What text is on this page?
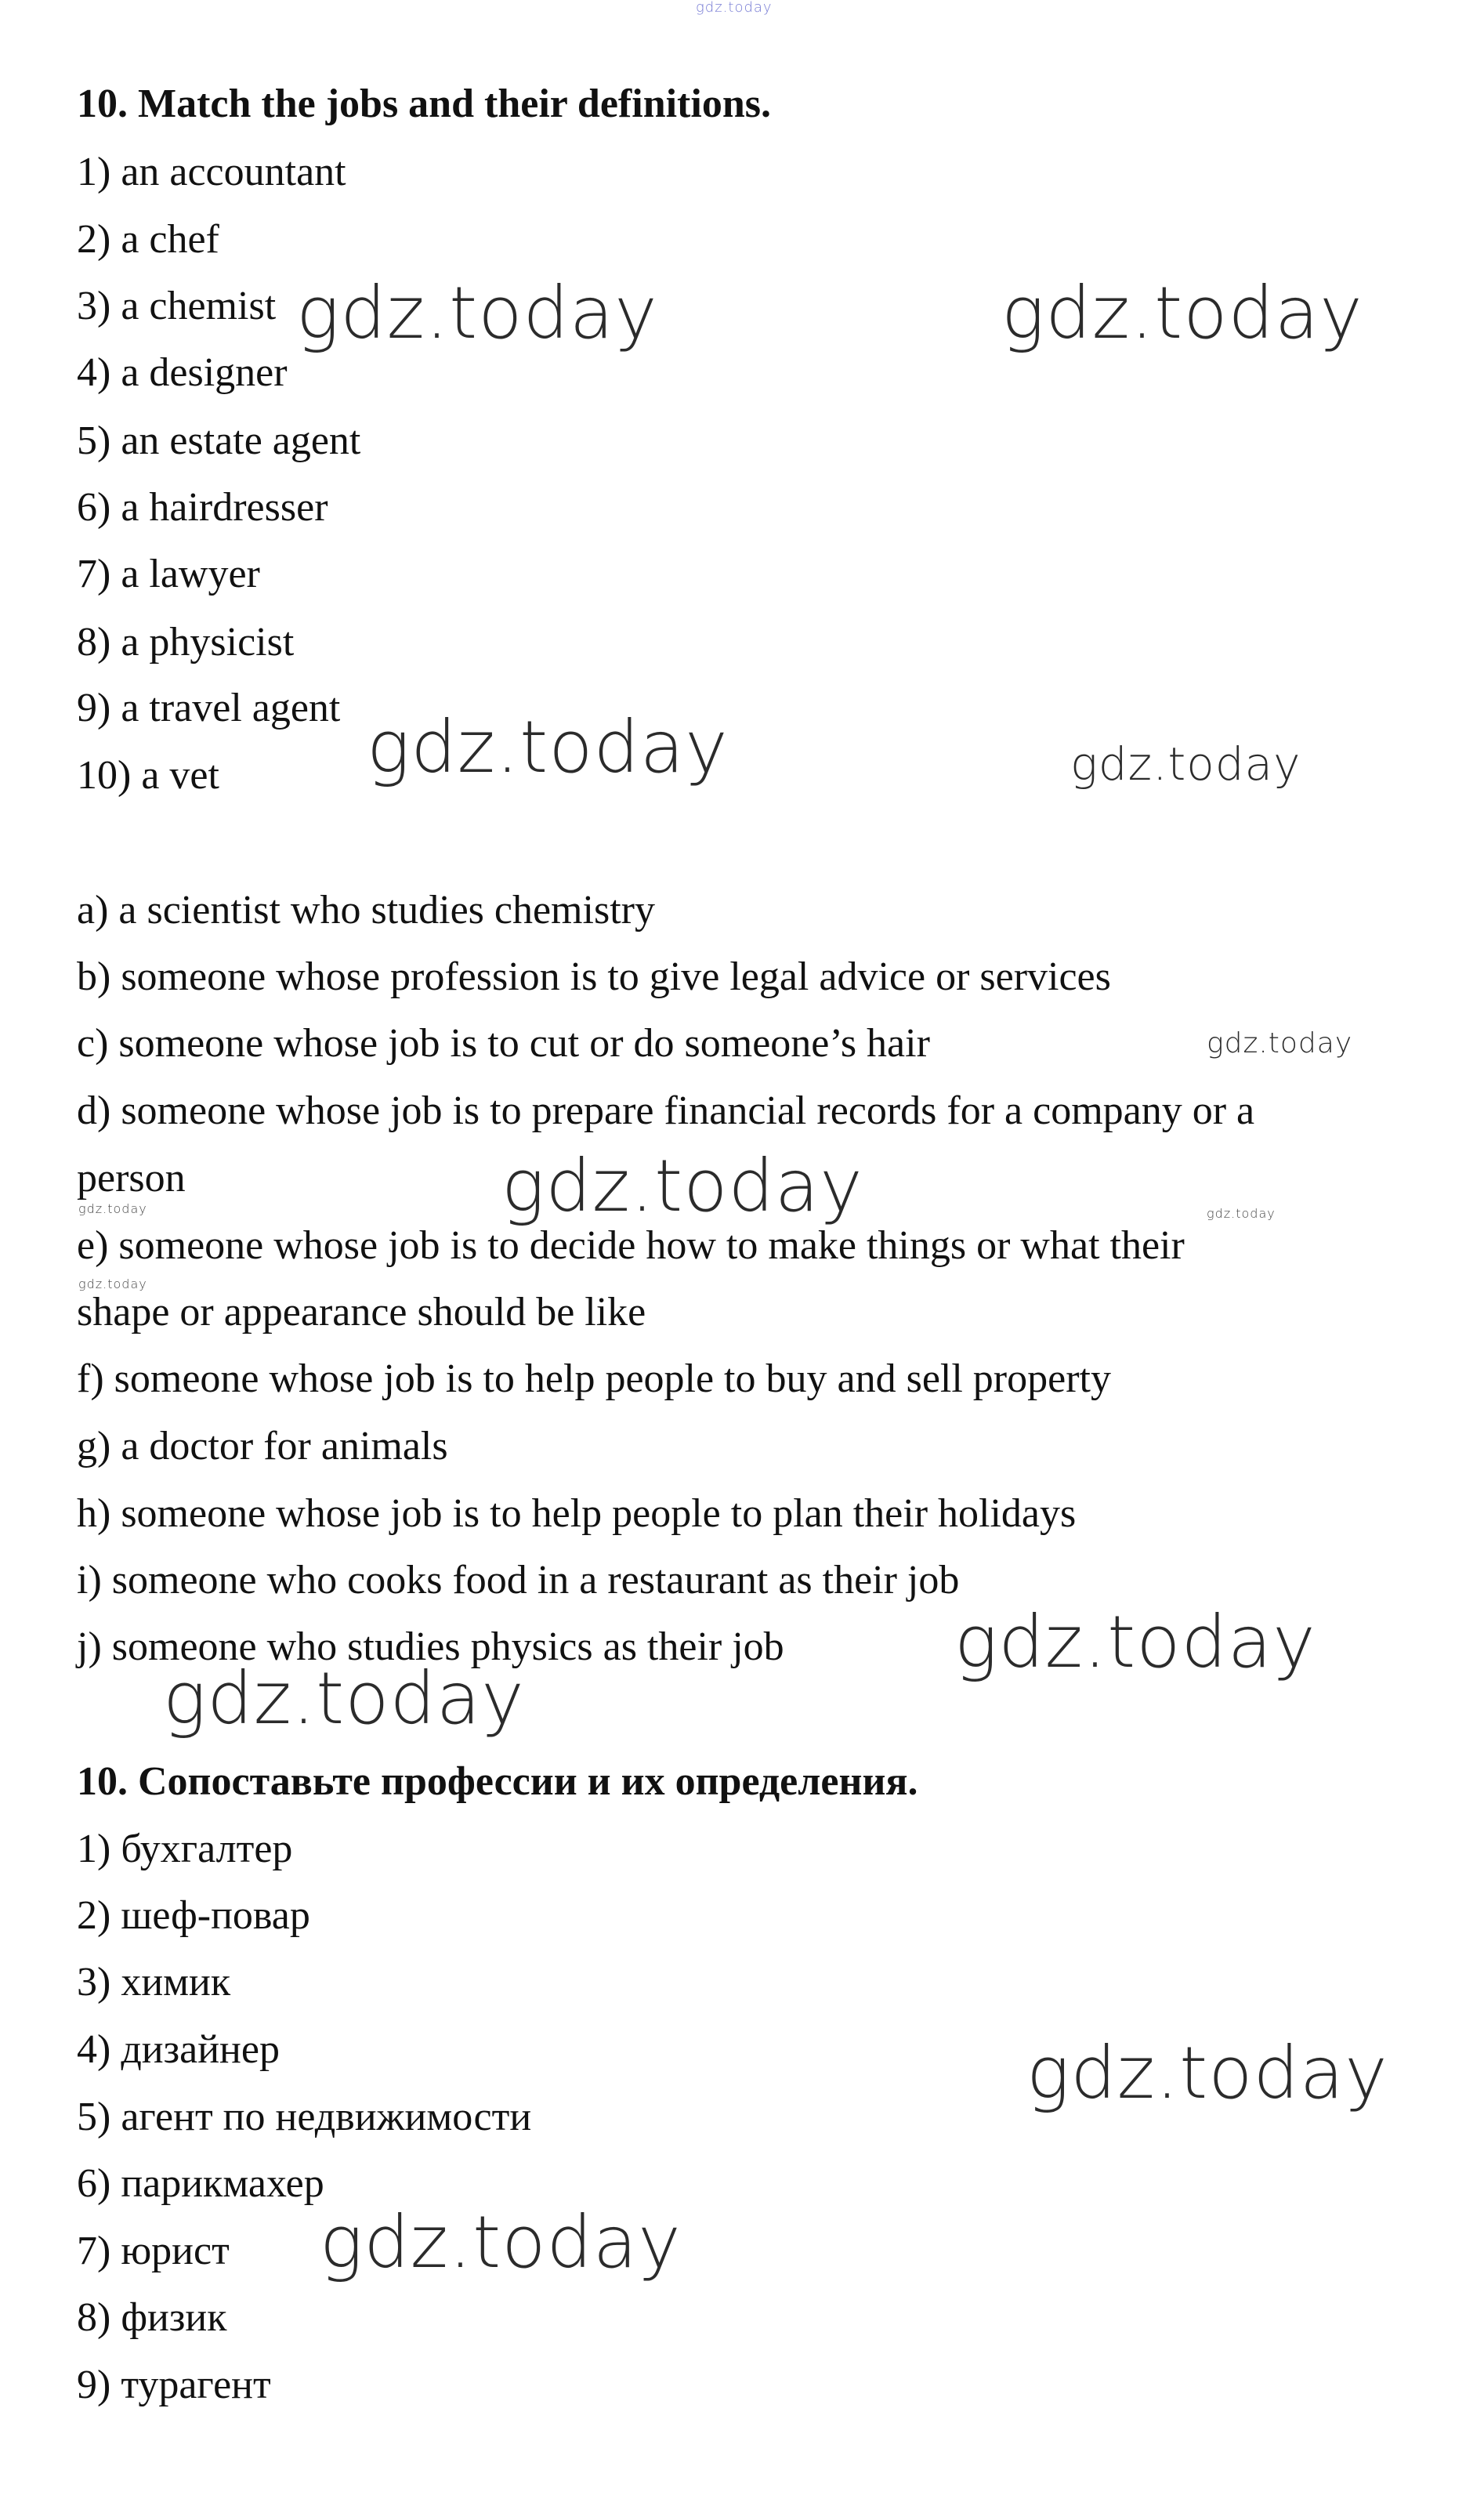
gdz.today
10. Match the jobs and their definitions.
1) an accountant
2) a chef
3) a chemist
4) a designer
5) an estate agent
6) a hairdresser
7) a lawyer
8) a physicist
9) a travel agent
10) a vet
a) a scientist who studies chemistry
b) someone whose profession is to give legal advice or services
c) someone whose job is to cut or do someone’s hair
d) someone whose job is to prepare financial records for a company or a
person
e) someone whose job is to decide how to make things or what their
shape or appearance should be like
f) someone whose job is to help people to buy and sell property
g) a doctor for animals
h) someone whose job is to help people to plan their holidays
i) someone who cooks food in a restaurant as their job
j) someone who studies physics as their job
10. Сопоставьте профессии и их определения.
1) бухгалтер
2) шеф-повар
3) химик
4) дизайнер
5) агент по недвижимости
6) парикмахер
7) юрист
8) физик
9) турагент
gdz.today	gdz.today
gdz.today	gdz.today
gdz.today
gdz.today
gdz.today	gdz.today
gdz.today
gdz.today
gdz.today
gdz.today
gdz.today
